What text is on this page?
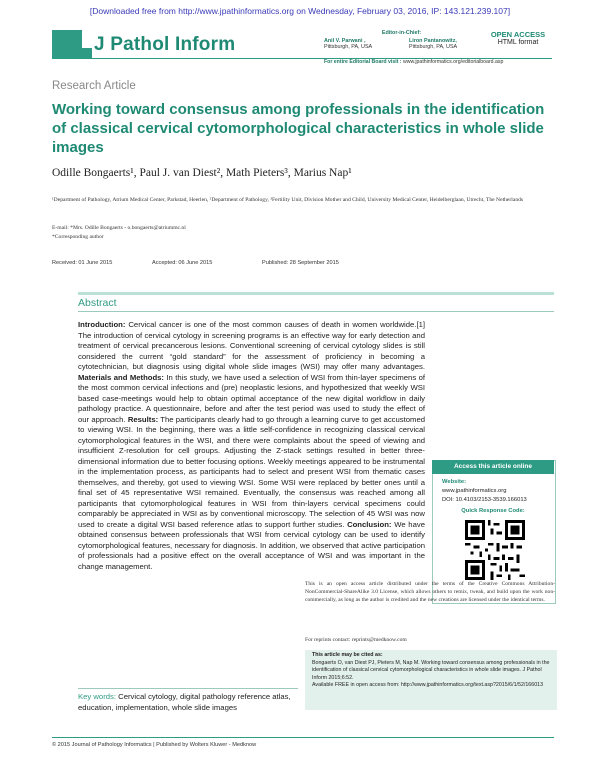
[Downloaded free from http://www.jpathinformatics.org on Wednesday, February 03, 2016, IP: 143.121.239.107]
J Pathol Inform
Editor-in-Chief:
Anil V. Parwani ,
Pittsburgh, PA, USA
Liron Pantanowitz,
Pittsburgh, PA, USA
OPEN ACCESS
HTML format
For entire Editorial Board visit : www.jpathinformatics.org/editorialboard.asp
Research Article
Working toward consensus among professionals in the identification of classical cervical cytomorphological characteristics in whole slide images
Odille Bongaerts¹, Paul J. van Diest², Math Pieters³, Marius Nap¹
¹Department of Pathology, Atrium Medical Center, Parkstad, Heerlen, ²Department of Pathology, ³Fertility Unit, Division Mother and Child, University Medical Center, Heidelberglaan, Utrecht, The Netherlands
E-mail: *Mrs. Odille Bongaerts - o.bongaerts@atriummc.nl
*Corresponding author
Received: 01 June 2015	Accepted: 06 June 2015	Published: 28 September 2015
Abstract
Introduction: Cervical cancer is one of the most common causes of death in women worldwide.[1] The introduction of cervical cytology in screening programs is an effective way for early detection and treatment of cervical precancerous lesions. Conventional screening of cervical cytology slides is still considered the current “gold standard” for the assessment of proficiency in becoming a cytotechnician, but diagnosis using digital whole slide images (WSI) may offer many advantages. Materials and Methods: In this study, we have used a selection of WSI from thin-layer specimens of the most common cervical infections and (pre) neoplastic lesions, and hypothesized that weekly WSI based case-meetings would help to obtain optimal acceptance of the new digital workflow in daily pathology practice. A questionnaire, before and after the test period was used to study the effect of our approach. Results: The participants clearly had to go through a learning curve to get accustomed to viewing WSI. In the beginning, there was a little self-confidence in recognizing classical cervical cytomorphological features in the WSI, and there were complaints about the speed of viewing and insufficient Z-resolution for cell groups. Adjusting the Z-stack settings resulted in better three-dimensional information due to better focusing options. Weekly meetings appeared to be instrumental in the implementation process, as participants had to select and present WSI from thematic cases themselves, and thereby, got used to viewing WSI. Some WSI were replaced by better ones until a final set of 45 representative WSI remained. Eventually, the consensus was reached among all participants that cytomorphological features in WSI from thin-layers cervical specimens could comparably be appreciated in WSI as by conventional microscopy. The selection of 45 WSI was now used to create a digital WSI based reference atlas to support further studies. Conclusion: We have obtained consensus between professionals that WSI from cervical cytology can be used to identify cytomorphological features, necessary for diagnosis. In addition, we observed that active participation of professionals had a positive effect on the overall acceptance of WSI and was important in the change management.
Access this article online
Website:
www.jpathinformatics.org
DOI: 10.4103/2153-3539.166013
Quick Response Code:
This is an open access article distributed under the terms of the Creative Commons Attribution-NonCommercial-ShareAlike 3.0 License, which allows others to remix, tweak, and build upon the work non-commercially, as long as the author is credited and the new creations are licensed under the identical terms.
For reprints contact: reprints@medknow.com
This article may be cited as:
Bongaerts O, van Diest PJ, Pieters M, Nap M. Working toward consensus among professionals in the identification of classical cervical cytomorphological characteristics in whole slide images. J Pathol Inform 2015;6:52.
Available FREE in open access from: http://www.jpathinformatics.org/text.asp?2015/6/1/52/166013
Key words: Cervical cytology, digital pathology reference atlas, education, implementation, whole slide images
© 2015 Journal of Pathology Informatics | Published by Wolters Kluwer - Medknow
